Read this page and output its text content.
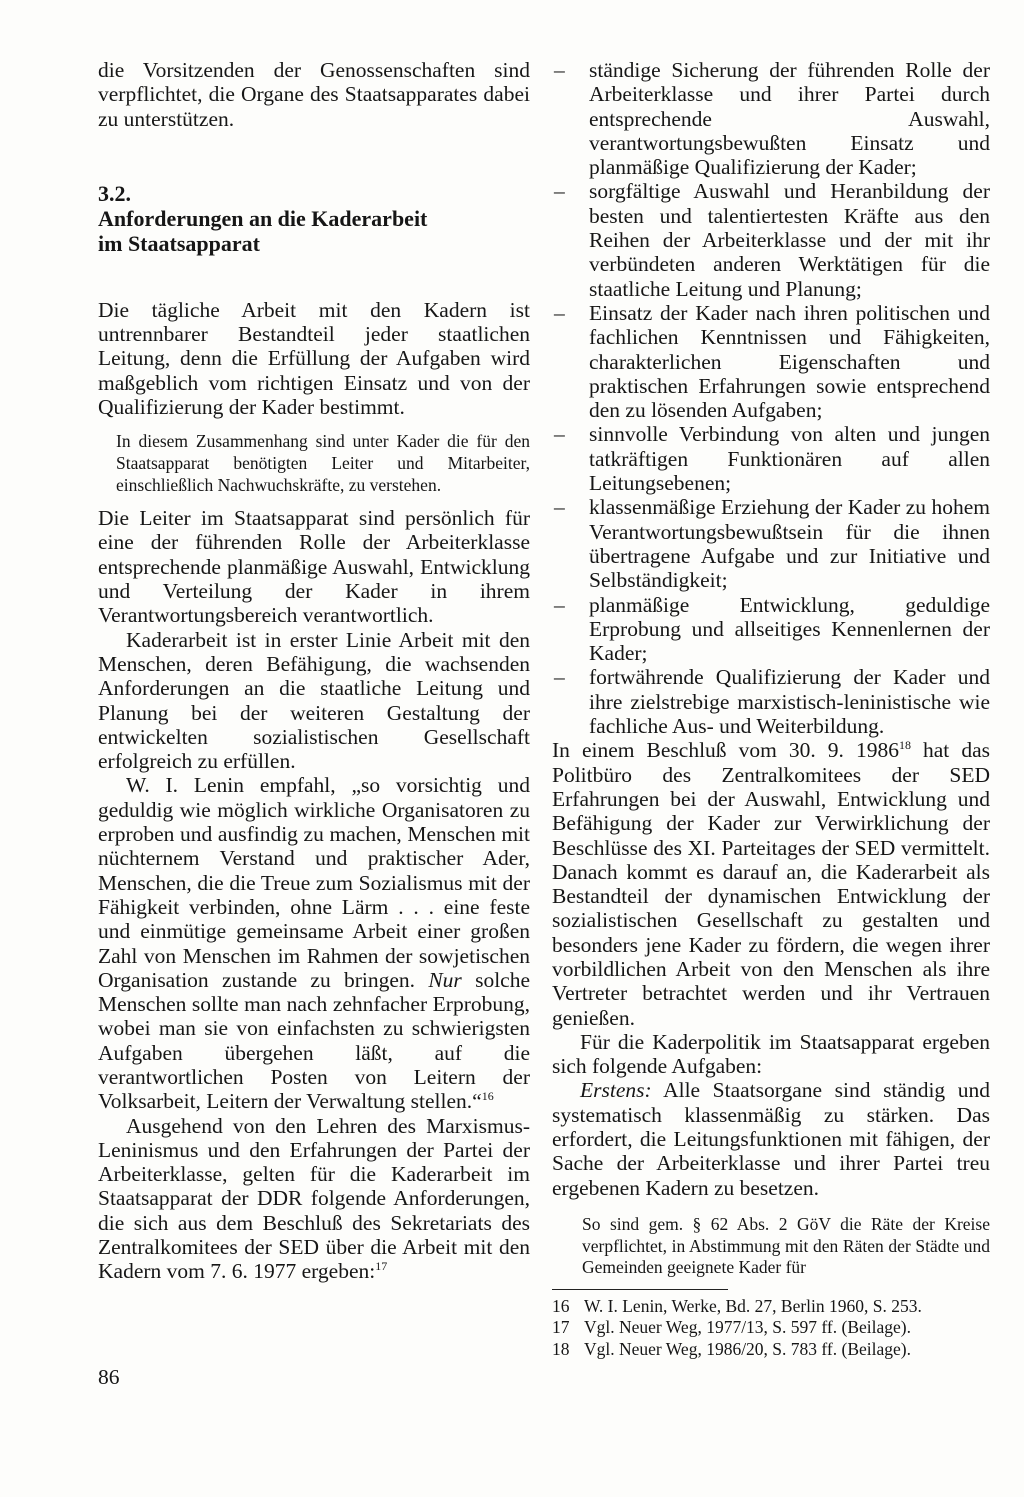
die Vorsitzenden der Genossenschaften sind verpflichtet, die Organe des Staatsapparates dabei zu unterstützen.

3.2.
Anforderungen an die Kaderarbeit
im Staatsapparat

Die tägliche Arbeit mit den Kadern ist untrennbarer Bestandteil jeder staatlichen Leitung, denn die Erfüllung der Aufgaben wird maßgeblich vom richtigen Einsatz und von der Qualifizierung der Kader bestimmt.

In diesem Zusammenhang sind unter Kader die für den Staatsapparat benötigten Leiter und Mitarbeiter, einschließlich Nachwuchskräfte, zu verstehen.

Die Leiter im Staatsapparat sind persönlich für eine der führenden Rolle der Arbeiterklasse entsprechende planmäßige Auswahl, Entwicklung und Verteilung der Kader in ihrem Verantwortungsbereich verantwortlich.

Kaderarbeit ist in erster Linie Arbeit mit den Menschen, deren Befähigung, die wachsenden Anforderungen an die staatliche Leitung und Planung bei der weiteren Gestaltung der entwickelten sozialistischen Gesellschaft erfolgreich zu erfüllen.

W. I. Lenin empfahl, „so vorsichtig und geduldig wie möglich wirkliche Organisatoren zu erproben und ausfindig zu machen, Menschen mit nüchternem Verstand und praktischer Ader, Menschen, die die Treue zum Sozialismus mit der Fähigkeit verbinden, ohne Lärm . . . eine feste und einmütige gemeinsame Arbeit einer großen Zahl von Menschen im Rahmen der sowjetischen Organisation zustande zu bringen. Nur solche Menschen sollte man nach zehnfacher Erprobung, wobei man sie von einfachsten zu schwierigsten Aufgaben übergehen läßt, auf die verantwortlichen Posten von Leitern der Volksarbeit, Leitern der Verwaltung stellen.“$^{16}$

Ausgehend von den Lehren des Marxismus-Leninismus und den Erfahrungen der Partei der Arbeiterklasse, gelten für die Kaderarbeit im Staatsapparat der DDR folgende Anforderungen, die sich aus dem Beschluß des Sekretariats des Zentralkomitees der SED über die Arbeit mit den Kadern vom 7. 6. 1977 ergeben:$^{17}$

– ständige Sicherung der führenden Rolle der Arbeiterklasse und ihrer Partei durch entsprechende Auswahl, verantwortungsbewußten Einsatz und planmäßige Qualifizierung der Kader;
– sorgfältige Auswahl und Heranbildung der besten und talentiertesten Kräfte aus den Reihen der Arbeiterklasse und der mit ihr verbündeten anderen Werktätigen für die staatliche Leitung und Planung;
– Einsatz der Kader nach ihren politischen und fachlichen Kenntnissen und Fähigkeiten, charakterlichen Eigenschaften und praktischen Erfahrungen sowie entsprechend den zu lösenden Aufgaben;
– sinnvolle Verbindung von alten und jungen tatkräftigen Funktionären auf allen Leitungsebenen;
– klassenmäßige Erziehung der Kader zu hohem Verantwortungsbewußtsein für die ihnen übertragene Aufgabe und zur Initiative und Selbständigkeit;
– planmäßige Entwicklung, geduldige Erprobung und allseitiges Kennenlernen der Kader;
– fortwährende Qualifizierung der Kader und ihre zielstrebige marxistisch-leninistische wie fachliche Aus- und Weiterbildung.

In einem Beschluß vom 30. 9. 1986$^{18}$ hat das Politbüro des Zentralkomitees der SED Erfahrungen bei der Auswahl, Entwicklung und Befähigung der Kader zur Verwirklichung der Beschlüsse des XI. Parteitages der SED vermittelt. Danach kommt es darauf an, die Kaderarbeit als Bestandteil der dynamischen Entwicklung der sozialistischen Gesellschaft zu gestalten und besonders jene Kader zu fördern, die wegen ihrer vorbildlichen Arbeit von den Menschen als ihre Vertreter betrachtet werden und ihr Vertrauen genießen.

Für die Kaderpolitik im Staatsapparat ergeben sich folgende Aufgaben:

Erstens: Alle Staatsorgane sind ständig und systematisch klassenmäßig zu stärken. Das erfordert, die Leitungsfunktionen mit fähigen, der Sache der Arbeiterklasse und ihrer Partei treu ergebenen Kadern zu besetzen.

So sind gem. § 62 Abs. 2 GöV die Räte der Kreise verpflichtet, in Abstimmung mit den Räten der Städte und Gemeinden geeignete Kader für

16 W. I. Lenin, Werke, Bd. 27, Berlin 1960, S. 253.
17 Vgl. Neuer Weg, 1977/13, S. 597 ff. (Beilage).
18 Vgl. Neuer Weg, 1986/20, S. 783 ff. (Beilage).
86
